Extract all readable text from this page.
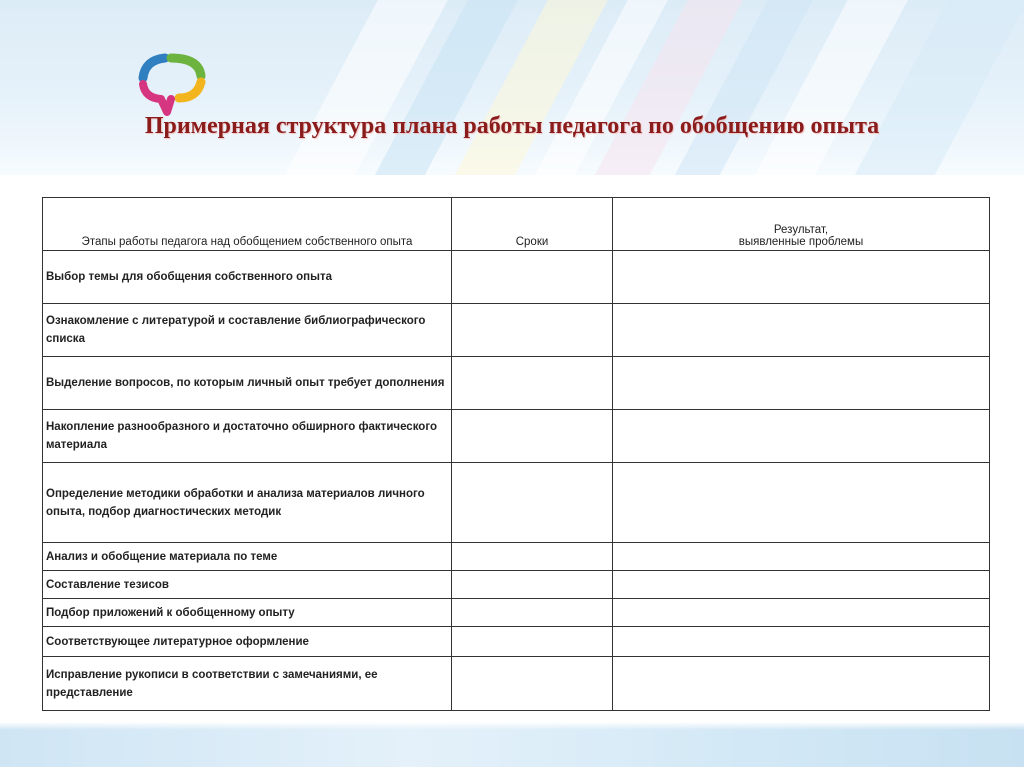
Примерная структура плана работы педагога по обобщению опыта
Этапы работы педагога над обобщением собственного опыта	Сроки	Результат,
выявленные проблемы

Выбор темы для обобщения собственного опыта		
Ознакомление с литературой и составление библиографического списка		
Выделение вопросов, по которым личный опыт требует дополнения		
Накопление разнообразного и достаточно обширного фактического материала		
Определение методики обработки и анализа материалов личного опыта, подбор диагностических методик		
Анализ и обобщение материала по теме		
Составление тезисов		
Подбор приложений к обобщенному опыту		
Соответствующее литературное оформление		
Исправление рукописи в соответствии с замечаниями, ее представление		
